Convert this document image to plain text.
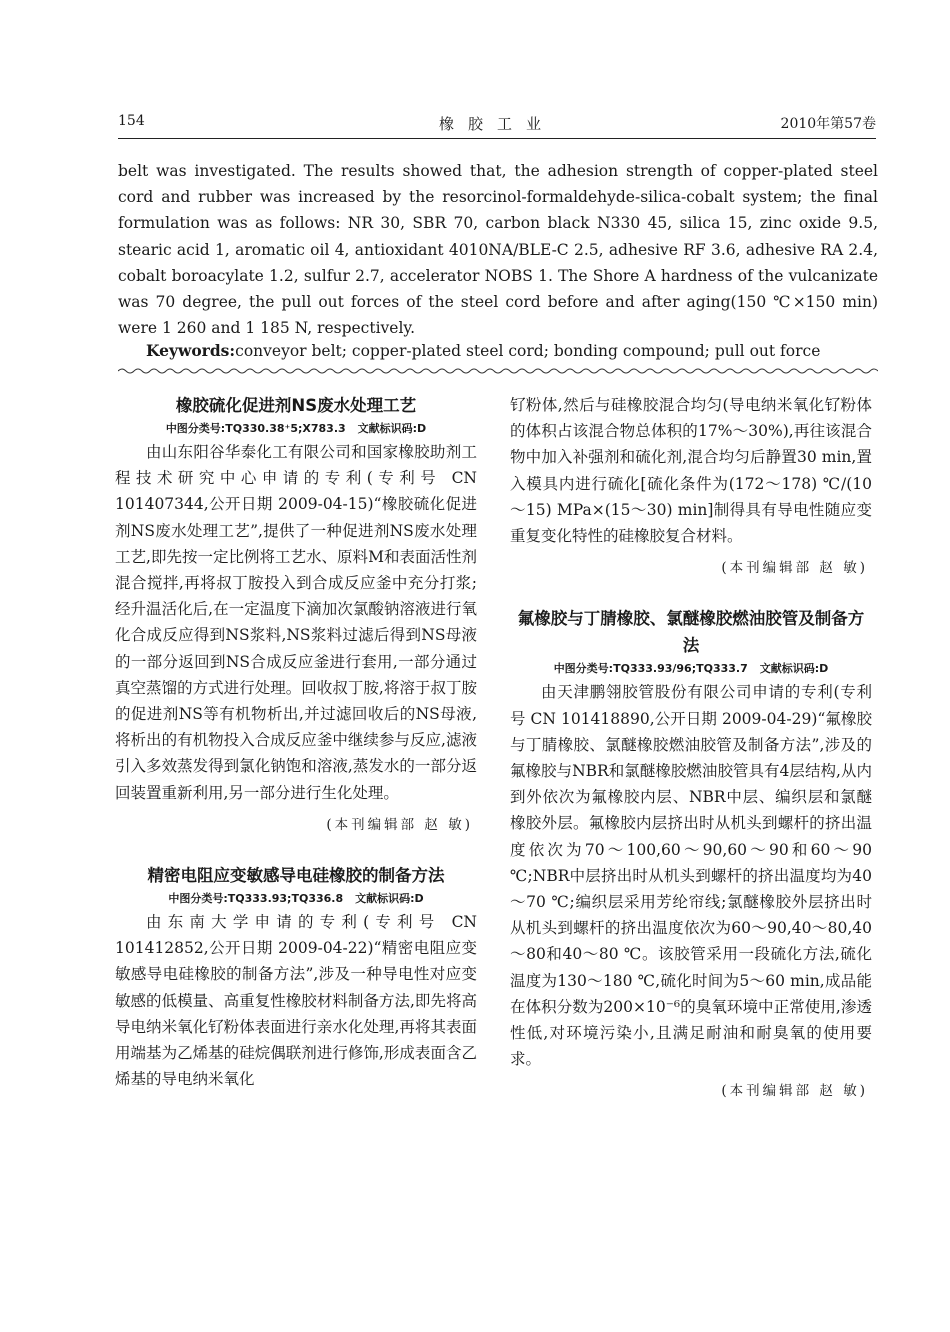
154	橡胶工业	2010年第57卷

belt was investigated. The results showed that, the adhesion strength of copper-plated steel cord and rubber was increased by the resorcinol-formaldehyde-silica-cobalt system; the final formulation was as follows: NR 30, SBR 70, carbon black N330 45, silica 15, zinc oxide 9.5, stearic acid 1, aromatic oil 4, antioxidant 4010NA/BLE-C 2.5, adhesive RF 3.6, adhesive RA 2.4, cobalt boroacylate 1.2, sulfur 2.7, accelerator NOBS 1. The Shore A hardness of the vulcanizate was 70 degree, the pull out forces of the steel cord before and after aging(150 ℃×150 min) were 1 260 and 1 185 N, respectively.

Keywords:conveyor belt; copper-plated steel cord; bonding compound; pull out force
橡胶硫化促进剂NS废水处理工艺

中图分类号:TQ330.38⁺5;X783.3 文献标识码:D

由山东阳谷华泰化工有限公司和国家橡胶助剂工程技术研究中心申请的专利(专利号 CN 101407344,公开日期 2009-04-15)“橡胶硫化促进剂NS废水处理工艺”,提供了一种促进剂NS废水处理工艺,即先按一定比例将工艺水、原料M和表面活性剂混合搅拌,再将叔丁胺投入到合成反应釜中充分打浆;经升温活化后,在一定温度下滴加次氯酸钠溶液进行氧化合成反应得到NS浆料,NS浆料过滤后得到NS母液的一部分返回到NS合成反应釜进行套用,一部分通过真空蒸馏的方式进行处理。回收叔丁胺,将溶于叔丁胺的促进剂NS等有机物析出,并过滤回收后的NS母液,将析出的有机物投入合成反应釜中继续参与反应,滤液引入多效蒸发得到氯化钠饱和溶液,蒸发水的一部分返回装置重新利用,另一部分进行生化处理。

(本刊编辑部 赵 敏)

精密电阻应变敏感导电硅橡胶的制备方法

中图分类号:TQ333.93;TQ336.8 文献标识码:D

由东南大学申请的专利(专利号 CN 101412852,公开日期 2009-04-22)“精密电阻应变敏感导电硅橡胶的制备方法”,涉及一种导电性对应变敏感的低模量、高重复性橡胶材料制备方法,即先将高导电纳米氧化钌粉体表面进行亲水化处理,再将其表面用端基为乙烯基的硅烷偶联剂进行修饰,形成表面含乙烯基的导电纳米氧化

钌粉体,然后与硅橡胶混合均匀(导电纳米氧化钌粉体的体积占该混合物总体积的17%～30%),再往该混合物中加入补强剂和硫化剂,混合均匀后静置30 min,置入模具内进行硫化[硫化条件为(172～178) ℃/(10～15) MPa×(15～30) min]制得具有导电性随应变重复变化特性的硅橡胶复合材料。

(本刊编辑部 赵 敏)

氟橡胶与丁腈橡胶、氯醚橡胶燃油胶管及制备方法

中图分类号:TQ333.93/96;TQ333.7 文献标识码:D

由天津鹏翎胶管股份有限公司申请的专利(专利号 CN 101418890,公开日期 2009-04-29)“氟橡胶与丁腈橡胶、氯醚橡胶燃油胶管及制备方法”,涉及的氟橡胶与NBR和氯醚橡胶燃油胶管具有4层结构,从内到外依次为氟橡胶内层、NBR中层、编织层和氯醚橡胶外层。氟橡胶内层挤出时从机头到螺杆的挤出温度依次为70～100,60～90,60～90和60～90 ℃;NBR中层挤出时从机头到螺杆的挤出温度均为40～70 ℃;编织层采用芳纶帘线;氯醚橡胶外层挤出时从机头到螺杆的挤出温度依次为60～90,40～80,40～80和40～80 ℃。该胶管采用一段硫化方法,硫化温度为130～180 ℃,硫化时间为5～60 min,成品能在体积分数为200×10⁻⁶的臭氧环境中正常使用,渗透性低,对环境污染小,且满足耐油和耐臭氧的使用要求。

(本刊编辑部 赵 敏)
